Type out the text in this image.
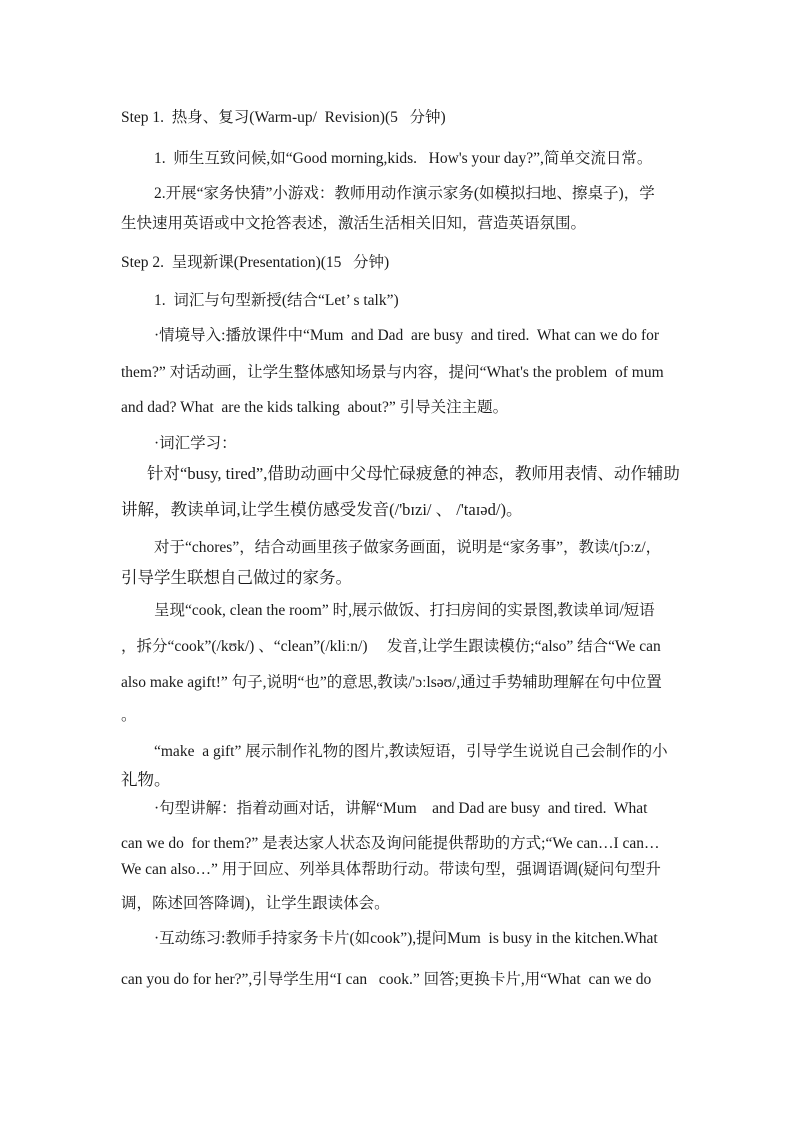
Step 1.  热身、复习(Warm-up/  Revision)(5   分钟)
1.  师生互致问候,如“Good morning,kids.   How's your day?”,简单交流日常。
2.开展“家务快猜”小游戏：教师用动作演示家务(如模拟扫地、擦桌子)，学
生快速用英语或中文抢答表述，激活生活相关旧知，营造英语氛围。
Step 2.  呈现新课(Presentation)(15   分钟)
1.  词汇与句型新授(结合“Let’ s talk”)
·情境导入:播放课件中“Mum  and Dad  are busy  and tired.  What can we do for
them?” 对话动画，让学生整体感知场景与内容，提问“What's the problem  of mum
and dad? What  are the kids talking  about?” 引导关注主题。
·词汇学习：
针对“busy, tired”,借助动画中父母忙碌疲惫的神态，教师用表情、动作辅助
讲解，教读单词,让学生模仿感受发音(/'bɪzi/ 、 /'taɪəd/)。
对于“chores”，结合动画里孩子做家务画面，说明是“家务事”，教读/tʃɔːz/，
引导学生联想自己做过的家务。
呈现“cook, clean the room” 时,展示做饭、打扫房间的实景图,教读单词/短语
，拆分“cook”(/kʊk/) 、“clean”(/kliːn/)     发音,让学生跟读模仿;“also” 结合“We can
also make agift!” 句子,说明“也”的意思,教读/'ɔːlsəʊ/,通过手势辅助理解在句中位置
。
“make  a gift” 展示制作礼物的图片,教读短语，引导学生说说自己会制作的小
礼物。
·句型讲解：指着动画对话，讲解“Mum    and Dad are busy  and tired.  What
can we do  for them?” 是表达家人状态及询问能提供帮助的方式;“We can…I can…
We can also…” 用于回应、列举具体帮助行动。带读句型，强调语调(疑问句型升
调，陈述回答降调)，让学生跟读体会。
·互动练习:教师手持家务卡片(如cook”),提问Mum  is busy in the kitchen.What
can you do for her?”,引导学生用“I can   cook.” 回答;更换卡片,用“What  can we do
